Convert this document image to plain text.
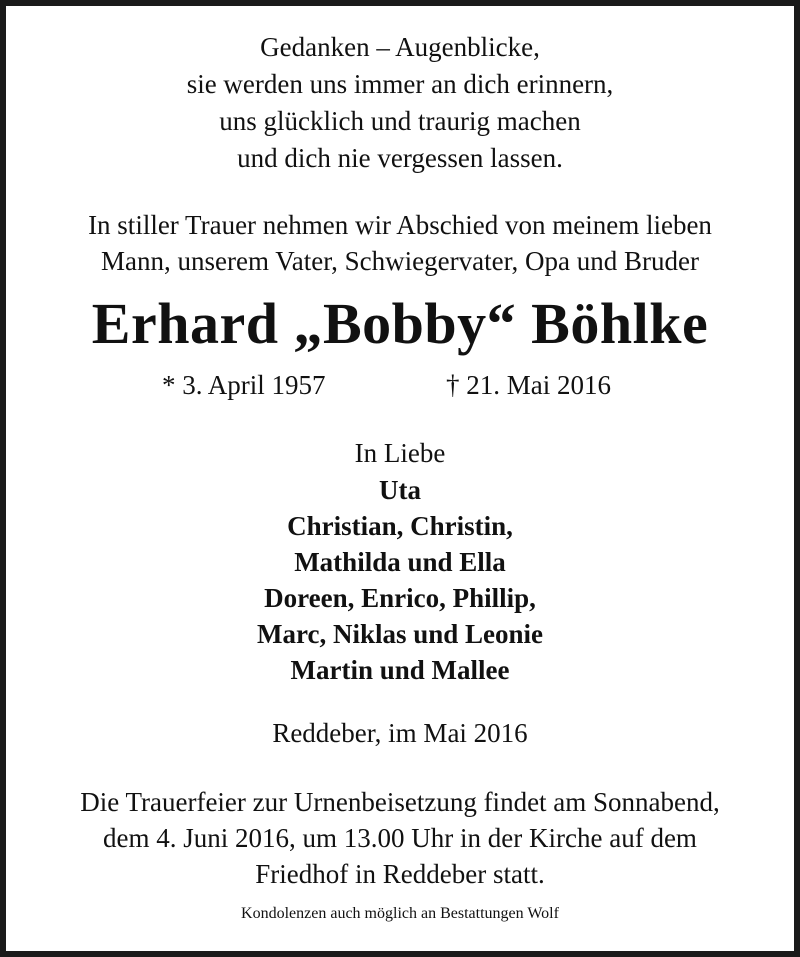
Gedanken – Augenblicke,
sie werden uns immer an dich erinnern,
uns glücklich und traurig machen
und dich nie vergessen lassen.
In stiller Trauer nehmen wir Abschied von meinem lieben
Mann, unserem Vater, Schwiegervater, Opa und Bruder
Erhard „Bobby“ Böhlke
* 3. April 1957	† 21. Mai 2016
In Liebe
Uta
Christian, Christin,
Mathilda und Ella
Doreen, Enrico, Phillip,
Marc, Niklas und Leonie
Martin und Mallee
Reddeber, im Mai 2016
Die Trauerfeier zur Urnenbeisetzung findet am Sonnabend,
dem 4. Juni 2016, um 13.00 Uhr in der Kirche auf dem
Friedhof in Reddeber statt.
Kondolenzen auch möglich an Bestattungen Wolf
